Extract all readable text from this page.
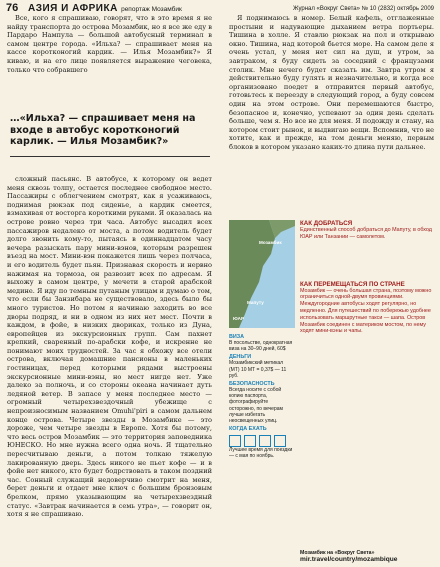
76 АЗИЯ И АФРИКА репортаж Мозамбик	Журнал «Вокруг Света» № 10 (2832) октябрь 2009

Все, кого я спрашиваю, говорят, что в это время я не найду транспорта до острова Мозамбик, но я все же еду в Пардаро Нампула — большой автобусный терминал в самом центре города. «Ильха? — спрашивает меня на кассе коротконогий кардик. — Илья Мозамбик?» Я киваю, и на его лице появляется выражение чеговека, только что собравшего

…«Ильха? — спрашивает меня на входе в автобус коротконогий карлик. — Илья Мозамбик?»

сложный пасьянс. В автобусе, к которому он ведет меня сквозь толпу, остается последнее свободное место. Пассажиры с облегчением смотрят, как я усаживаюсь, поднимая рюкзак под сиденье, а кардик смеется, взмахивая от восторга короткими руками. Я оказалась на острове ровно через три часа. Автобус высадил всех пассажиров недалеко от моста, а потом водитель будет долго звонить кому-то, пытаясь в одиннадцатом часу вечера разыскать пару мини-вэнов, которым разрешен въезд на мост. Мини-вэн покажется лишь через полчаса, и его водитель будет пьян. Признавая скорость и нервно нажимая на тормоза, он развозит всех по адресам. Я выхожу в самом центре, у мечети в старой арабской медине. Я иду по темным путаным улицам и думаю о том, что если бы Занзибара не существовало, здесь было бы много туристов. Но потом я начинаю заходить во все дворы подряд, и ни в одном из них нет мест. Почти в каждом, в фойе, в низких двориках, только из Дуна, европейцев из экскурсионных групп. Сам пахнет крепкий, сваренный по-арабски кофе, и искренне не понимают моих трудностей. За час я обхожу все отели острова, включая домашние пансионы в маленьких гостиницах, перед которыми рядами выстроены экскурсионные мини-вэны, но мест нигде нет. Уже далеко за полночь, и со стороны океана начинает дуть ледяной ветер. В запасе у меня последнее место — огромный четырехзвездочный убежище с непроизносимым названием Omuhi'piri в самом дальнем конце острова. Четыре звезды в Мозамбике — это дороже, чем четыре звезды в Европе. Хотя бы потому, что весь остров Мозамбик — это территория заповедника ЮНЕСКО. Но мне нужна всего одна ночь. Я тщательно пересчитываю деньги, а потом толкаю тяжелую лакированную дверь. Здесь никого не пьет кофе — и в фойе нет никого, кто будет бодрствовать в таком поздний час. Сонный служащий недоверчиво смотрит на меня, берет деньги и отдает мне ключ с большим бронзовым брелком, прямо указывающим на четырехзвездный статус. «Завтрак начинается в семь утра», — говорит он, хотя я не спрашиваю.

Я поднимаюсь в номер. Белый кафель, отглаженные простыни и надувающие дыханием ветра портьеры. Тишина в холле. Я ставлю рюкзак на пол и открываю окно. Тишина, над которой бьется море. На самом деле я очень устал, у меня нет сил на душ, и утром, за завтраком, я буду сидеть за соседний с французами столик. Мне нечего будет сказать им. Завтра утром я действительно буду гулять и незначительно, и когда все организовано поедет в отправится первый автобус, готовьтесь к переезду в следующий город, а буду совсем один на этом острове. Они перемешаются быстро, безопасное и, конечно, успевают за один день сделать больше, чем я. Но все не для меня. Я подожду и стану, на котором стоит рынок, и выдвигаю вещи. Вспомнив, что не хотите, как и прежде, на том деньги меняю, первым блоков в котором указано каких-то длина пути дальнее.

Мозамбик
Мапуту
ЮАР
ВИЗА

В посольстве, однократная виза на 30–90 дней, 60$

ДЕНЬГИ

Мозамбикский метикал (МТ) 10 МТ = 0,37$ — 11 руб.

БЕЗОПАСНОСТЬ

Всегда носите с собой копию паспорта, фотографируйте осторожно, по вечерам лучше избегать неосвещенных улиц.

КОГДА ЕХАТЬ

Лучшее время для поездки — с мая по ноябрь.

КАК ДОБРАТЬСЯ

Единственный способ добраться до Мапуту, в обход ЮАР или Танзании — самолетом.

КАК ПЕРЕМЕЩАТЬСЯ ПО СТРАНЕ

Мозамбик — очень большая страна, поэтому можно ограничиться одной-двумя провинциями. Междугородние автобусы ходят регулярно, но медленно. Для путешествий по побережью удобнее использовать маршрутные такси — шапа. Остров Мозамбик соединен с материком мостом, по нему ходят мини-вэны и чапы.

Мозамбик на «Вокруг Света»
mir.travel/country/mozambique
